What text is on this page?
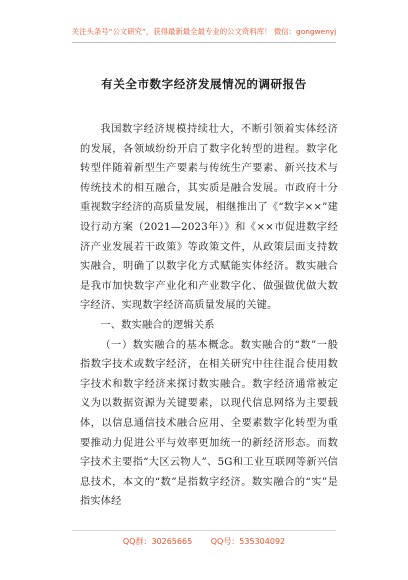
关注头条号“公文研究”，获得最新最全最专业的公文资料库！ 微信：gongwenyj
有关全市数字经济发展情况的调研报告

我国数字经济规模持续壮大，不断引领着实体经济的发展，各领域纷纷开启了数字化转型的进程。数字化转型伴随着新型生产要素与传统生产要素、新兴技术与传统技术的相互融合，其实质是融合发展。市政府十分重视数字经济的高质量发展，相继推出了《“数字××”建设行动方案（2021—2023年）》和《××市促进数字经济产业发展若干政策》等政策文件，从政策层面支持数实融合，明确了以数字化方式赋能实体经济。数实融合是我市加快数字产业化和产业数字化、做强做优做大数字经济、实现数字经济高质量发展的关键。

一、数实融合的逻辑关系

（一）数实融合的基本概念。数实融合的“数”一般指数字技术或数字经济，在相关研究中往往混合使用数字技术和数字经济来探讨数实融合。数字经济通常被定义为以数据资源为关键要素，以现代信息网络为主要载体，以信息通信技术融合应用、全要素数字化转型为重要推动力促进公平与效率更加统一的新经济形态。而数字技术主要指“大区云物人”、5G和工业互联网等新兴信息技术，本文的“数”是指数字经济。数实融合的“实”是指实体经

QQ群：30265665 QQ号：535304092
